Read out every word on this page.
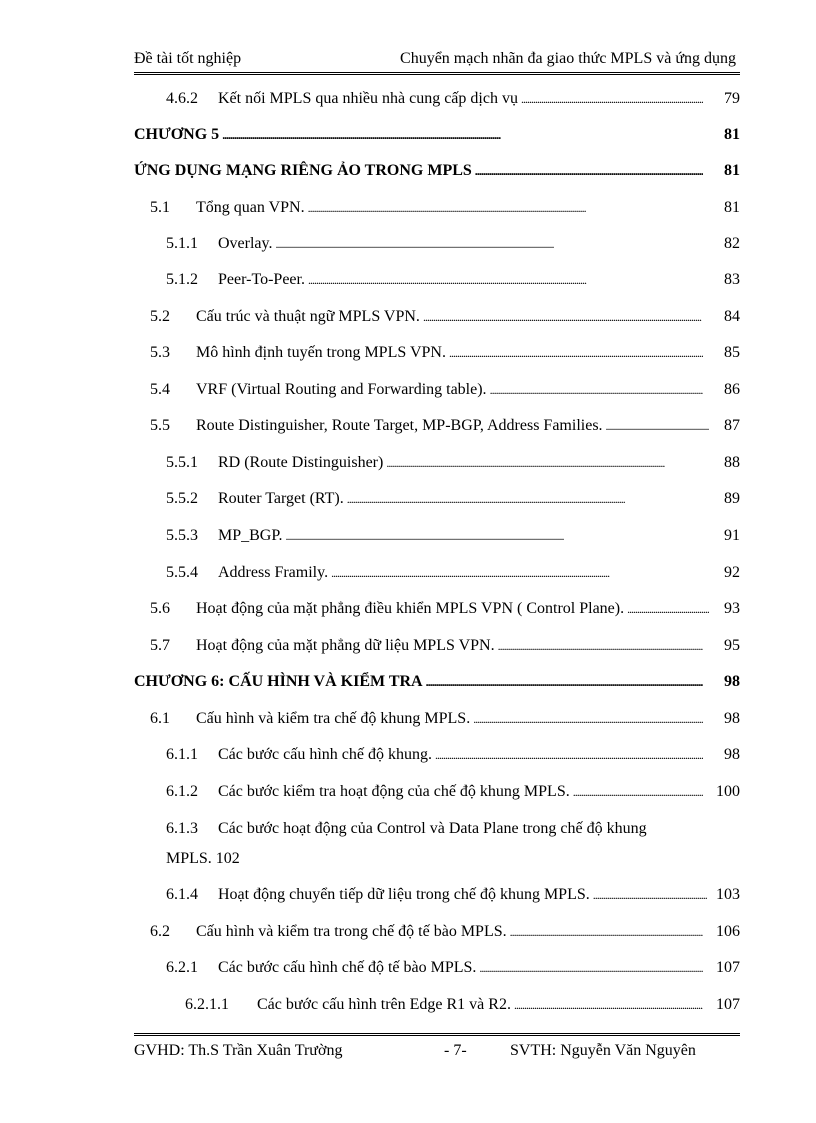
Đề tài tốt nghiệp	Chuyển mạch nhãn đa giao thức MPLS và ứng dụng
4.6.2	Kết nối MPLS qua nhiều nhà cung cấp dịch vụ . . .	79
CHƯƠNG 5 . . .	81
ỨNG DỤNG MẠNG RIÊNG ẢO TRONG MPLS . . .	81
5.1	Tổng quan VPN. . . .	81
5.1.1	Overlay. . . .	82
5.1.2	Peer-To-Peer. . . .	83
5.2	Cấu trúc và thuật ngữ MPLS VPN. . . .	84
5.3	Mô hình định tuyến trong MPLS VPN. . . .	85
5.4	VRF (Virtual Routing and Forwarding table). . . .	86
5.5	Route Distinguisher, Route Target, MP-BGP, Address Families. . . .	87
5.5.1	RD (Route Distinguisher) . . .	88
5.5.2	Router Target (RT). . . .	89
5.5.3	MP_BGP. . . .	91
5.5.4	Address Framily. . . .	92
5.6	Hoạt động của mặt phẳng điều khiển MPLS VPN ( Control Plane). . . .	93
5.7	Hoạt động của mặt phẳng dữ liệu MPLS VPN. . . .	95
CHƯƠNG 6: CẤU HÌNH VÀ KIỂM TRA . . .	98
6.1	Cấu hình và kiểm tra chế độ khung MPLS. . . .	98
6.1.1	Các bước cấu hình chế độ khung. . . .	98
6.1.2	Các bước kiểm tra hoạt động của chế độ khung MPLS. . . .	100
6.1.3 Các bước hoạt động của Control và Data Plane trong chế độ khung
MPLS. 102
6.1.4	Hoạt động chuyển tiếp dữ liệu trong chế độ khung MPLS. . . .	103
6.2	Cấu hình và kiểm tra trong chế độ tế bào MPLS. . . .	106
6.2.1	Các bước cấu hình chế độ tế bào MPLS. . . .	107
6.2.1.1	Các bước cấu hình trên Edge R1 và R2. . . .	107
GVHD: Th.S Trần Xuân Trường	- 7-	SVTH: Nguyễn Văn Nguyên
